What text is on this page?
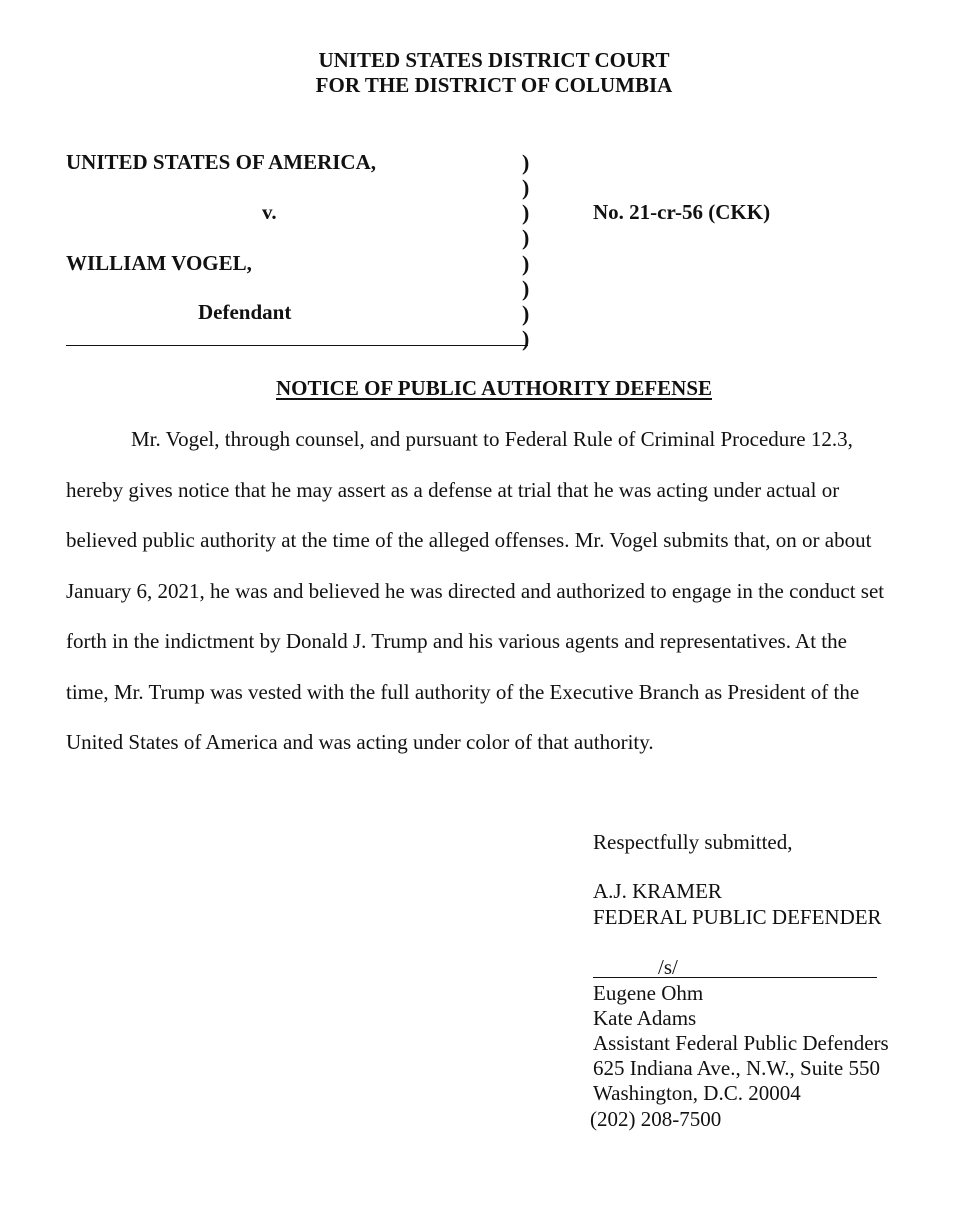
UNITED STATES DISTRICT COURT
FOR THE DISTRICT OF COLUMBIA
UNITED STATES OF AMERICA,
v.
WILLIAM VOGEL,
Defendant
)
)
)
)
)
)
)
)
No. 21-cr-56 (CKK)
NOTICE OF PUBLIC AUTHORITY DEFENSE
Mr. Vogel, through counsel, and pursuant to Federal Rule of Criminal Procedure 12.3,
hereby gives notice that he may assert as a defense at trial that he was acting under actual or
believed public authority at the time of the alleged offenses. Mr. Vogel submits that, on or about
January 6, 2021, he was and believed he was directed and authorized to engage in the conduct set
forth in the indictment by Donald J. Trump and his various agents and representatives. At the
time, Mr. Trump was vested with the full authority of the Executive Branch as President of the
United States of America and was acting under color of that authority.
Respectfully submitted,
A.J. KRAMER
FEDERAL PUBLIC DEFENDER
/s/
Eugene Ohm
Kate Adams
Assistant Federal Public Defenders
625 Indiana Ave., N.W., Suite 550
Washington, D.C. 20004
(202) 208-7500
